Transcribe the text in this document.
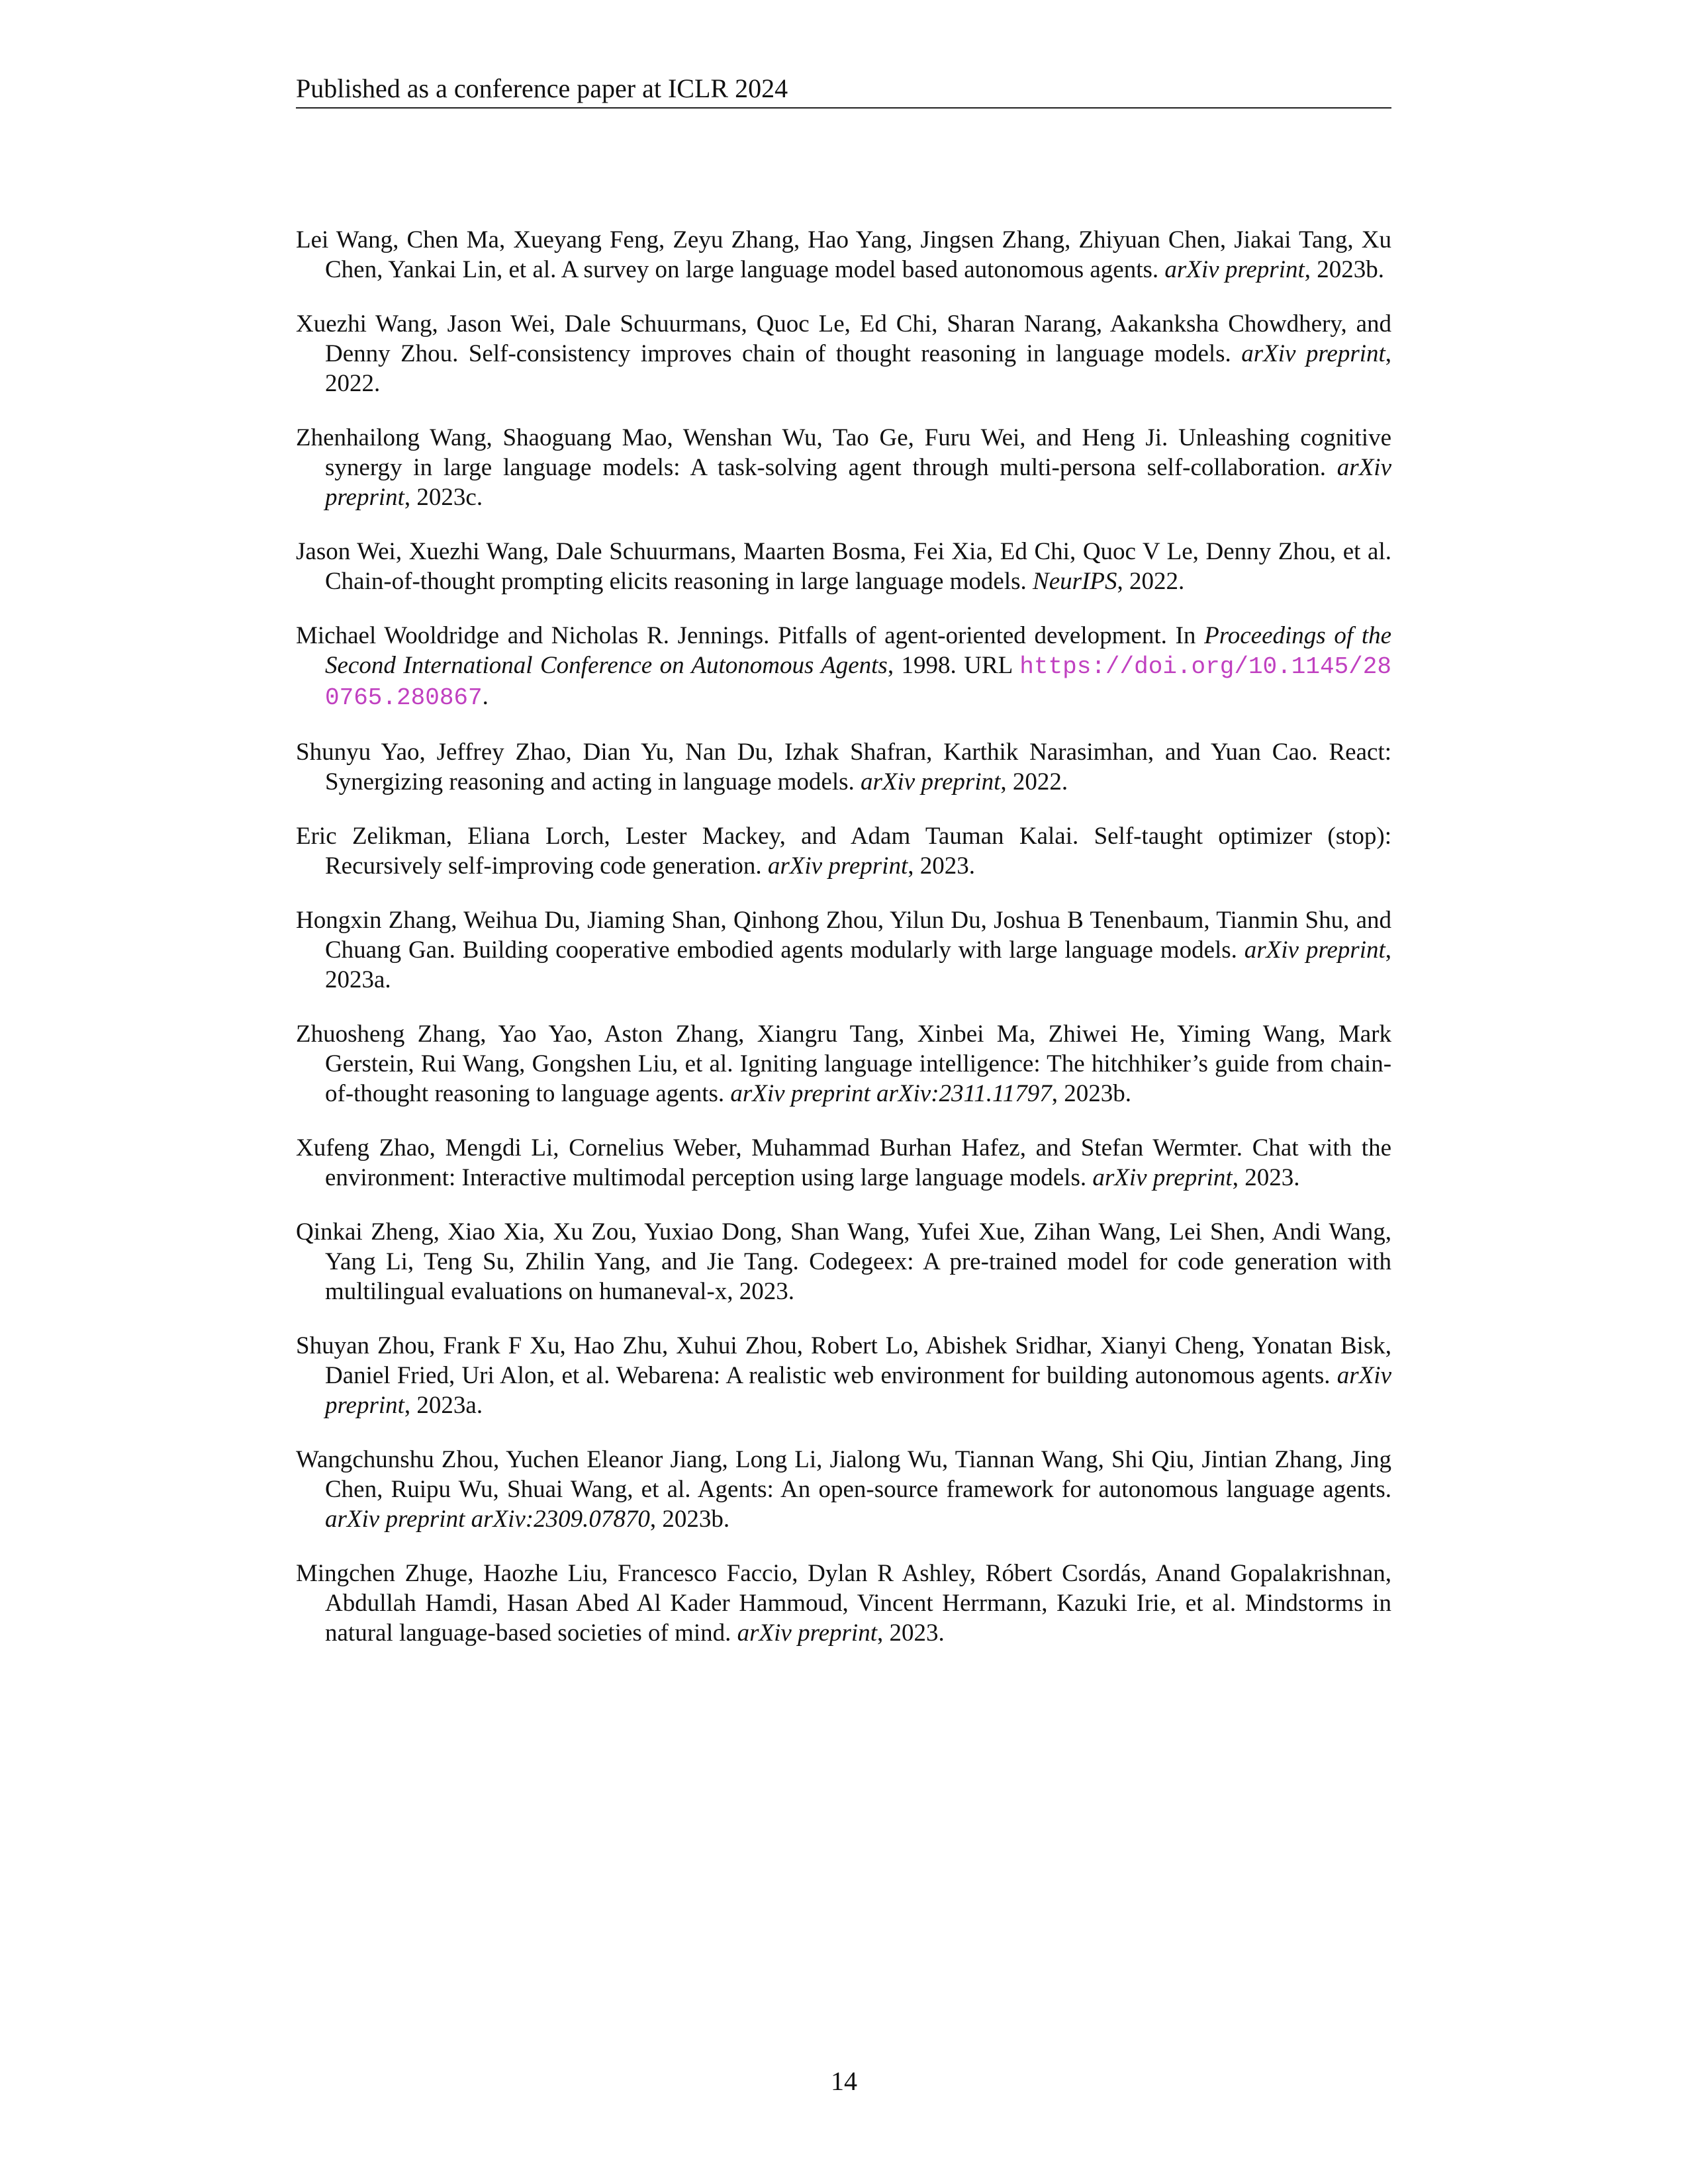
Published as a conference paper at ICLR 2024
Lei Wang, Chen Ma, Xueyang Feng, Zeyu Zhang, Hao Yang, Jingsen Zhang, Zhiyuan Chen, Jiakai Tang, Xu Chen, Yankai Lin, et al. A survey on large language model based autonomous agents. arXiv preprint, 2023b.
Xuezhi Wang, Jason Wei, Dale Schuurmans, Quoc Le, Ed Chi, Sharan Narang, Aakanksha Chowdhery, and Denny Zhou. Self-consistency improves chain of thought reasoning in language models. arXiv preprint, 2022.
Zhenhailong Wang, Shaoguang Mao, Wenshan Wu, Tao Ge, Furu Wei, and Heng Ji. Unleashing cognitive synergy in large language models: A task-solving agent through multi-persona self-collaboration. arXiv preprint, 2023c.
Jason Wei, Xuezhi Wang, Dale Schuurmans, Maarten Bosma, Fei Xia, Ed Chi, Quoc V Le, Denny Zhou, et al. Chain-of-thought prompting elicits reasoning in large language models. NeurIPS, 2022.
Michael Wooldridge and Nicholas R. Jennings. Pitfalls of agent-oriented development. In Proceedings of the Second International Conference on Autonomous Agents, 1998. URL https://doi.org/10.1145/280765.280867.
Shunyu Yao, Jeffrey Zhao, Dian Yu, Nan Du, Izhak Shafran, Karthik Narasimhan, and Yuan Cao. React: Synergizing reasoning and acting in language models. arXiv preprint, 2022.
Eric Zelikman, Eliana Lorch, Lester Mackey, and Adam Tauman Kalai. Self-taught optimizer (stop): Recursively self-improving code generation. arXiv preprint, 2023.
Hongxin Zhang, Weihua Du, Jiaming Shan, Qinhong Zhou, Yilun Du, Joshua B Tenenbaum, Tianmin Shu, and Chuang Gan. Building cooperative embodied agents modularly with large language models. arXiv preprint, 2023a.
Zhuosheng Zhang, Yao Yao, Aston Zhang, Xiangru Tang, Xinbei Ma, Zhiwei He, Yiming Wang, Mark Gerstein, Rui Wang, Gongshen Liu, et al. Igniting language intelligence: The hitchhiker’s guide from chain-of-thought reasoning to language agents. arXiv preprint arXiv:2311.11797, 2023b.
Xufeng Zhao, Mengdi Li, Cornelius Weber, Muhammad Burhan Hafez, and Stefan Wermter. Chat with the environment: Interactive multimodal perception using large language models. arXiv preprint, 2023.
Qinkai Zheng, Xiao Xia, Xu Zou, Yuxiao Dong, Shan Wang, Yufei Xue, Zihan Wang, Lei Shen, Andi Wang, Yang Li, Teng Su, Zhilin Yang, and Jie Tang. Codegeex: A pre-trained model for code generation with multilingual evaluations on humaneval-x, 2023.
Shuyan Zhou, Frank F Xu, Hao Zhu, Xuhui Zhou, Robert Lo, Abishek Sridhar, Xianyi Cheng, Yonatan Bisk, Daniel Fried, Uri Alon, et al. Webarena: A realistic web environment for building autonomous agents. arXiv preprint, 2023a.
Wangchunshu Zhou, Yuchen Eleanor Jiang, Long Li, Jialong Wu, Tiannan Wang, Shi Qiu, Jintian Zhang, Jing Chen, Ruipu Wu, Shuai Wang, et al. Agents: An open-source framework for autonomous language agents. arXiv preprint arXiv:2309.07870, 2023b.
Mingchen Zhuge, Haozhe Liu, Francesco Faccio, Dylan R Ashley, Róbert Csordás, Anand Gopalakrishnan, Abdullah Hamdi, Hasan Abed Al Kader Hammoud, Vincent Herrmann, Kazuki Irie, et al. Mindstorms in natural language-based societies of mind. arXiv preprint, 2023.
14
